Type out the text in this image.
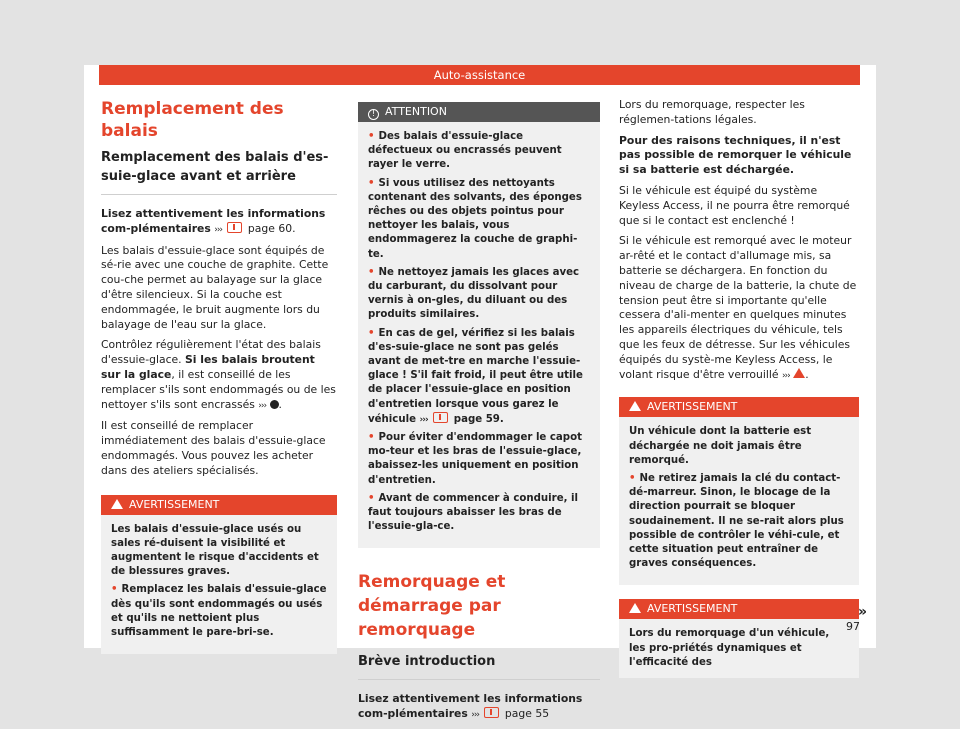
Auto-assistance
Remplacement des balais
Remplacement des balais d'es-suie-glace avant et arrière

Lisez attentivement les informations com-plémentaires ››› page 60.

Les balais d'essuie-glace sont équipés de sé-rie avec une couche de graphite. Cette cou-che permet au balayage sur la glace d'être silencieux. Si la couche est endommagée, le bruit augmente lors du balayage de l'eau sur la glace.

Contrôlez régulièrement l'état des balais d'essuie-glace. Si les balais broutent sur la glace, il est conseillé de les remplacer s'ils sont endommagés ou de les nettoyer s'ils sont encrassés ››› .

Il est conseillé de remplacer immédiatement des balais d'essuie-glace endommagés. Vous pouvez les acheter dans des ateliers spécialisés.

AVERTISSEMENT

Les balais d'essuie-glace usés ou sales ré-duisent la visibilité et augmentent le risque d'accidents et de blessures graves.

• Remplacez les balais d'essuie-glace dès qu'ils sont endommagés ou usés et qu'ils ne nettoient plus suffisamment le pare-bri-se.

! ATTENTION

• Des balais d'essuie-glace défectueux ou encrassés peuvent rayer le verre.

• Si vous utilisez des nettoyants contenant des solvants, des éponges rêches ou des objets pointus pour nettoyer les balais, vous endommagerez la couche de graphi-te.

• Ne nettoyez jamais les glaces avec du carburant, du dissolvant pour vernis à on-gles, du diluant ou des produits similaires.

• En cas de gel, vérifiez si les balais d'es-suie-glace ne sont pas gelés avant de met-tre en marche l'essuie-glace ! S'il fait froid, il peut être utile de placer l'essuie-glace en position d'entretien lorsque vous garez le véhicule ›››	page 59.

• Pour éviter d'endommager le capot mo-teur et les bras de l'essuie-glace, abaissez-les uniquement en position d'entretien.

• Avant de commencer à conduire, il faut toujours abaisser les bras de l'essuie-gla-ce.

Remorquage et démarrage par remorquage
Brève introduction

Lisez attentivement les informations com-plémentaires ››› page 55

Lors du remorquage, respecter les réglemen-tations légales.

Pour des raisons techniques, il n'est pas possible de remorquer le véhicule si sa batterie est déchargée.

Si le véhicule est équipé du système Keyless Access, il ne pourra être remorqué que si le contact est enclenché !

Si le véhicule est remorqué avec le moteur ar-rêté et le contact d'allumage mis, sa batterie se déchargera. En fonction du niveau de charge de la batterie, la chute de tension peut être si importante qu'elle cessera d'ali-menter en quelques minutes les appareils électriques du véhicule, tels que les feux de détresse. Sur les véhicules équipés du systè-me Keyless Access, le volant risque d'être verrouillé ››› .

AVERTISSEMENT

Un véhicule dont la batterie est déchargée ne doit jamais être remorqué.

• Ne retirez jamais la clé du contact-dé-marreur. Sinon, le blocage de la direction pourrait se bloquer soudainement. Il ne se-rait alors plus possible de contrôler le véhi-cule, et cette situation peut entraîner de graves conséquences.

AVERTISSEMENT

Lors du remorquage d'un véhicule, les pro-priétés dynamiques et l'efficacité des

»
97
